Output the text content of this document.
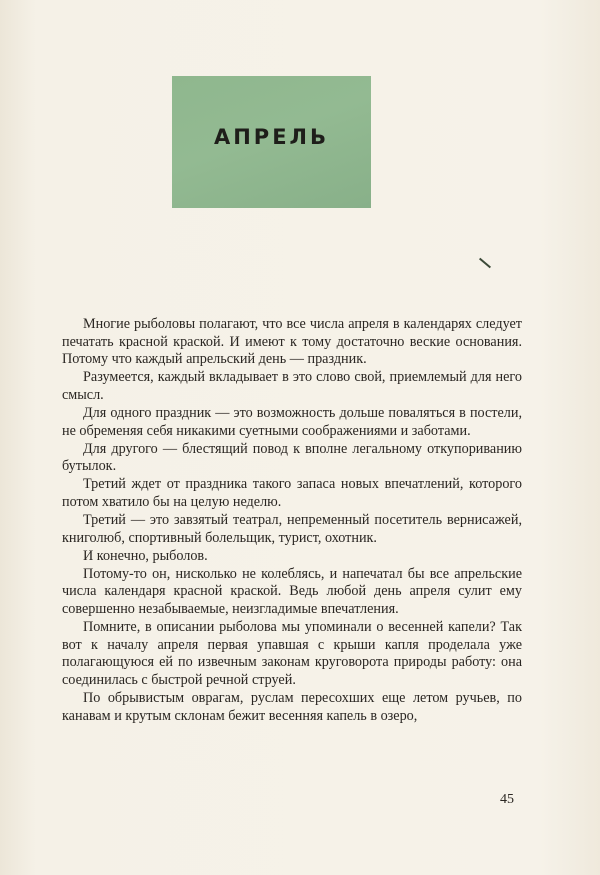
АПРЕЛЬ

Многие рыболовы полагают, что все числа апреля в календарях следует печатать красной краской. И имеют к тому достаточно веские основания. Потому что каждый апрельский день — праздник.

Разумеется, каждый вкладывает в это слово свой, приемлемый для него смысл.

Для одного праздник — это возможность дольше поваляться в постели, не обременяя себя никакими суетными соображениями и заботами.

Для другого — блестящий повод к вполне легальному откупориванию бутылок.

Третий ждет от праздника такого запаса новых впечатлений, которого потом хватило бы на целую неделю.

Третий — это завзятый театрал, непременный посетитель вернисажей, книголюб, спортивный болельщик, турист, охотник.

И конечно, рыболов.

Потому-то он, нисколько не колеблясь, и напечатал бы все апрельские числа календаря красной краской. Ведь любой день апреля сулит ему совершенно незабываемые, неизгладимые впечатления.

Помните, в описании рыболова мы упоминали о весенней капели? Так вот к началу апреля первая упавшая с крыши капля проделала уже полагающуюся ей по извечным законам круговорота природы работу: она соединилась с быстрой речной струей.

По обрывистым оврагам, руслам пересохших еще летом ручьев, по канавам и крутым склонам бежит весенняя капель в озеро,

45
